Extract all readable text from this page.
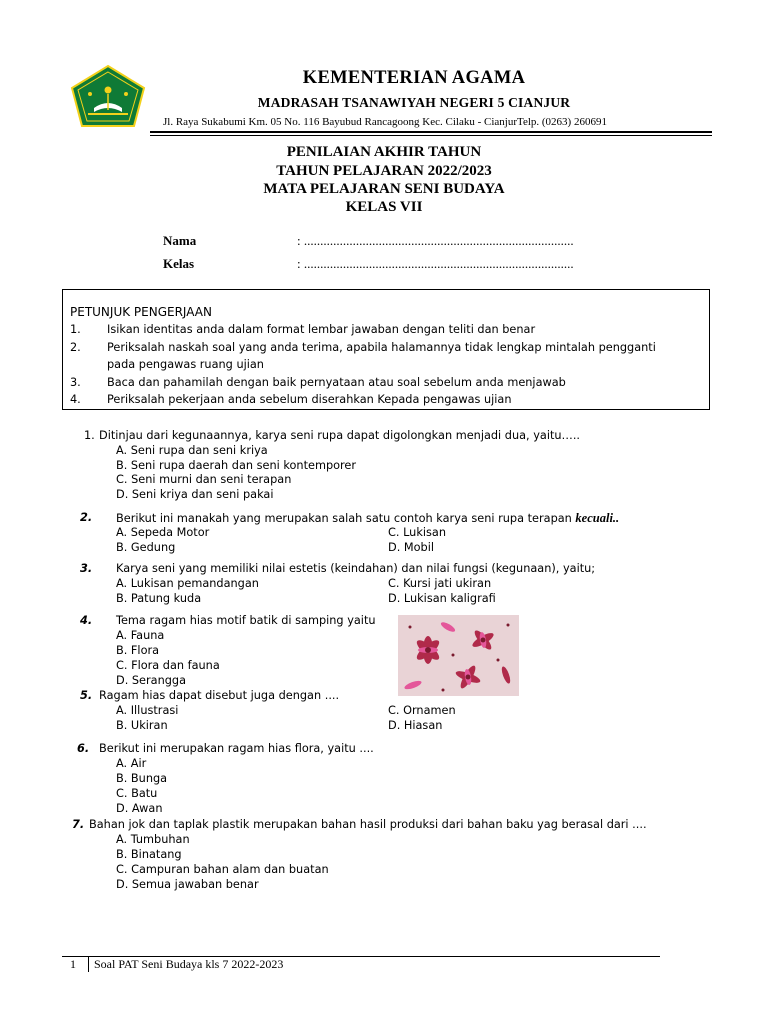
KEMENTERIAN AGAMA
MADRASAH TSANAWIYAH NEGERI 5 CIANJUR
Jl. Raya Sukabumi Km. 05 No. 116 Bayubud Rancagoong Kec. Cilaku - CianjurTelp. (0263) 260691
PENILAIAN AKHIR TAHUN
TAHUN PELAJARAN 2022/2023
MATA PELAJARAN SENI BUDAYA
KELAS VII
Nama	: ...................................................................................
Kelas	: ...................................................................................
PETUNJUK PENGERJAAN
1. Isikan identitas anda dalam format lembar jawaban dengan teliti dan benar
2. Periksalah naskah soal yang anda terima, apabila halamannya tidak lengkap mintalah pengganti
pada pengawas ruang ujian
3. Baca dan pahamilah dengan baik pernyataan atau soal sebelum anda menjawab
4. Periksalah pekerjaan anda sebelum diserahkan Kepada pengawas ujian
1. Ditinjau dari kegunaannya, karya seni rupa dapat digolongkan menjadi dua, yaitu…..
A. Seni rupa dan seni kriya
B. Seni rupa daerah dan seni kontemporer
C. Seni murni dan seni terapan
D. Seni kriya dan seni pakai
2. Berikut ini manakah yang merupakan salah satu contoh karya seni rupa terapan kecuali..
A. Sepeda Motor
B. Gedung
C. Lukisan
D. Mobil
3. Karya seni yang memiliki nilai estetis (keindahan) dan nilai fungsi (kegunaan), yaitu;
A. Lukisan pemandangan
B. Patung kuda
C. Kursi jati ukiran
D. Lukisan kaligrafi
4. Tema ragam hias motif batik di samping yaitu
A. Fauna
B. Flora
C. Flora dan fauna
D. Serangga
5. Ragam hias dapat disebut juga dengan ....
A. Illustrasi
B. Ukiran
C. Ornamen
D. Hiasan
6. Berikut ini merupakan ragam hias flora, yaitu ....
A. Air
B. Bunga
C. Batu
D. Awan
7. Bahan jok dan taplak plastik merupakan bahan hasil produksi dari bahan baku yag berasal dari ....
A. Tumbuhan
B. Binatang
C. Campuran bahan alam dan buatan
D. Semua jawaban benar
1 Soal PAT Seni Budaya kls 7 2022-2023
